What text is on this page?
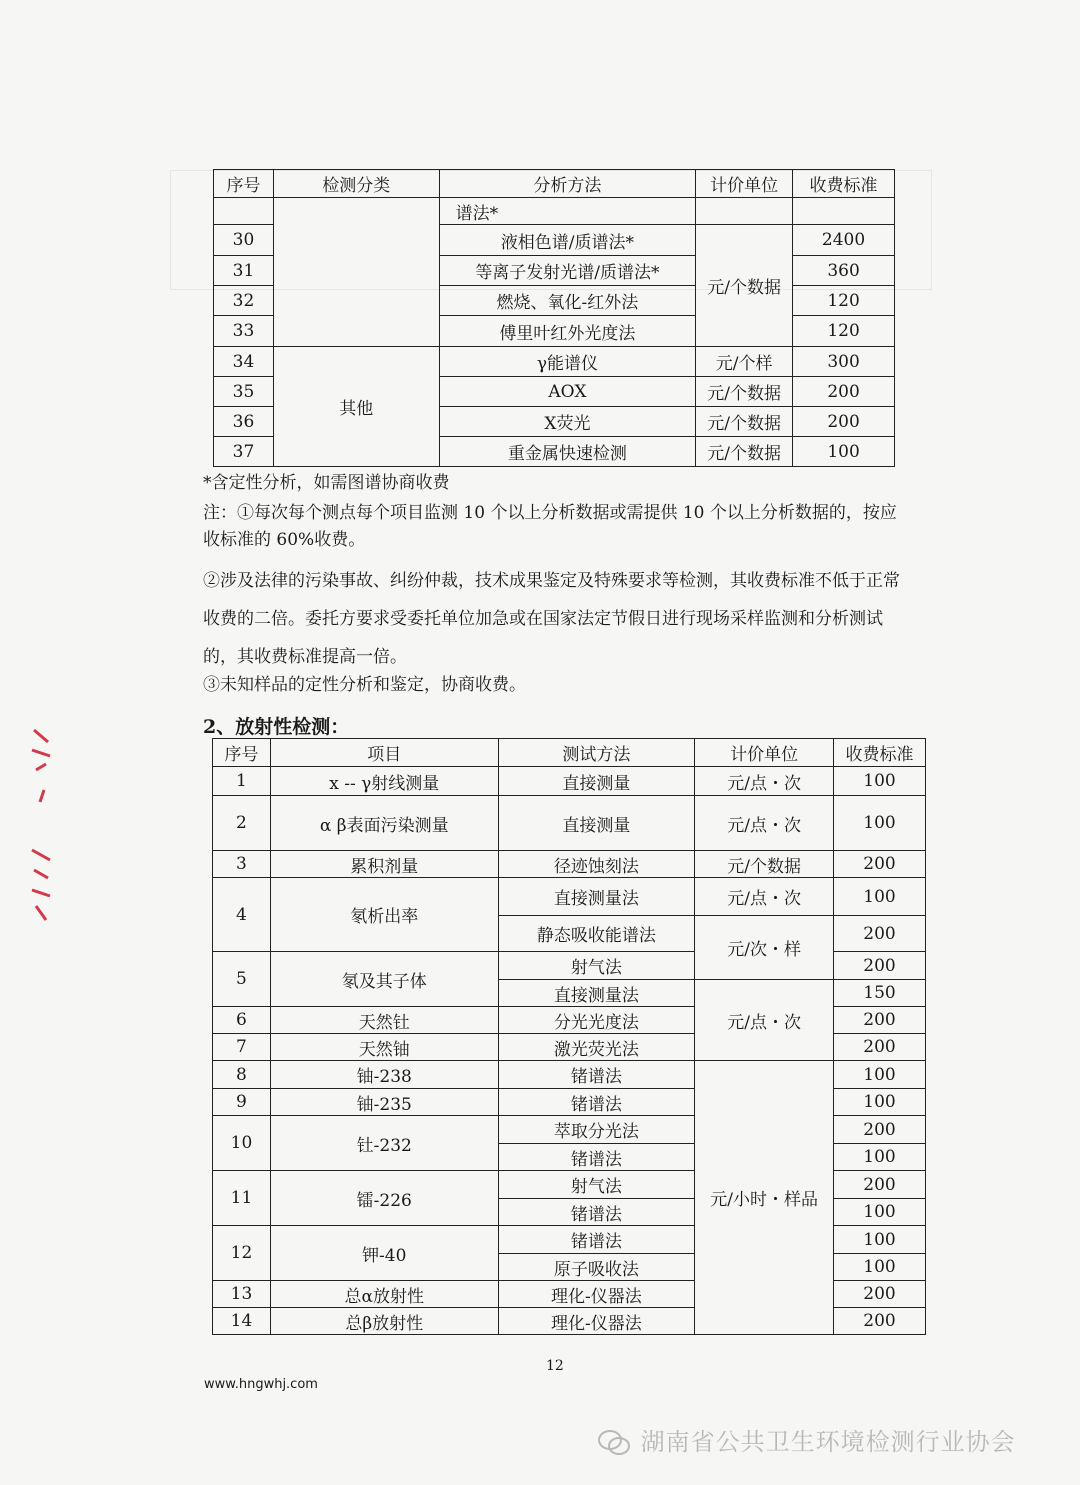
序号	检测分类	分析方法	计价单位	收费标准
		谱法*		
30		液相色谱/质谱法*	元/个数据	2400
31		等离子发射光谱/质谱法*		360
32		燃烧、氧化-红外法		120
33		傅里叶红外光度法		120
34	其他	γ能谱仪	元/个样	300
35		AOX	元/个数据	200
36		X荧光	元/个数据	200
37		重金属快速检测	元/个数据	100
*含定性分析，如需图谱协商收费
注：①每次每个测点每个项目监测 10 个以上分析数据或需提供 10 个以上分析数据的，按应收标准的 60%收费。
②涉及法律的污染事故、纠纷仲裁，技术成果鉴定及特殊要求等检测，其收费标准不低于正常收费的二倍。委托方要求受委托单位加急或在国家法定节假日进行现场采样监测和分析测试的，其收费标准提高一倍。
③未知样品的定性分析和鉴定，协商收费。
2、放射性检测：
序号	项目	测试方法	计价单位	收费标准
1	x -- γ射线测量	直接测量	元/点・次	100
2	α β表面污染测量	直接测量	元/点・次	100
3	累积剂量	径迹蚀刻法	元/个数据	200
4	氡析出率	直接测量法	元/点・次	100
		静态吸收能谱法	元/次・样	200
5	氡及其子体	射气法		200
		直接测量法	元/点・次	150
6	天然钍	分光光度法		200
7	天然铀	激光荧光法		200
8	铀-238	锗谱法	元/小时・样品	100
9	铀-235	锗谱法		100
10	钍-232	萃取分光法		200
		锗谱法		100
11	镭-226	射气法		200
		锗谱法		100
12	钾-40	锗谱法		100
		原子吸收法		100
13	总α放射性	理化-仪器法		200
14	总β放射性	理化-仪器法		200
12
www.hngwhj.com
湖南省公共卫生环境检测行业协会
